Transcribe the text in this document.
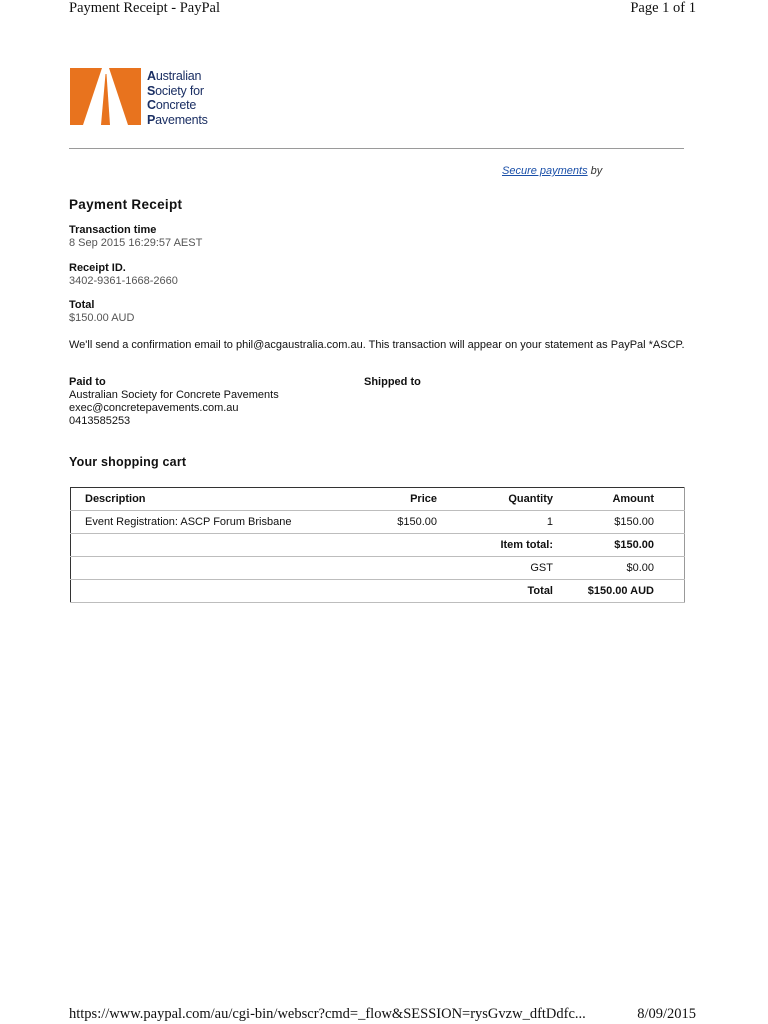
Payment Receipt - PayPal	Page 1 of 1
Australian
Society for
Concrete
Pavements
Secure payments by
Payment Receipt
Transaction time
8 Sep 2015 16:29:57 AEST
Receipt ID.
3402-9361-1668-2660
Total
$150.00 AUD
We'll send a confirmation email to phil@acgaustralia.com.au. This transaction will appear on your statement as PayPal *ASCP.
Paid to
Australian Society for Concrete Pavements
exec@concretepavements.com.au
0413585253
Shipped to
Your shopping cart
Description	Price	Quantity	Amount
Event Registration: ASCP Forum Brisbane	$150.00	1	$150.00
		Item total:	$150.00
		GST	$0.00
		Total	$150.00 AUD
https://www.paypal.com/au/cgi-bin/webscr?cmd=_flow&SESSION=rysGvzw_dftDdfc...	8/09/2015
